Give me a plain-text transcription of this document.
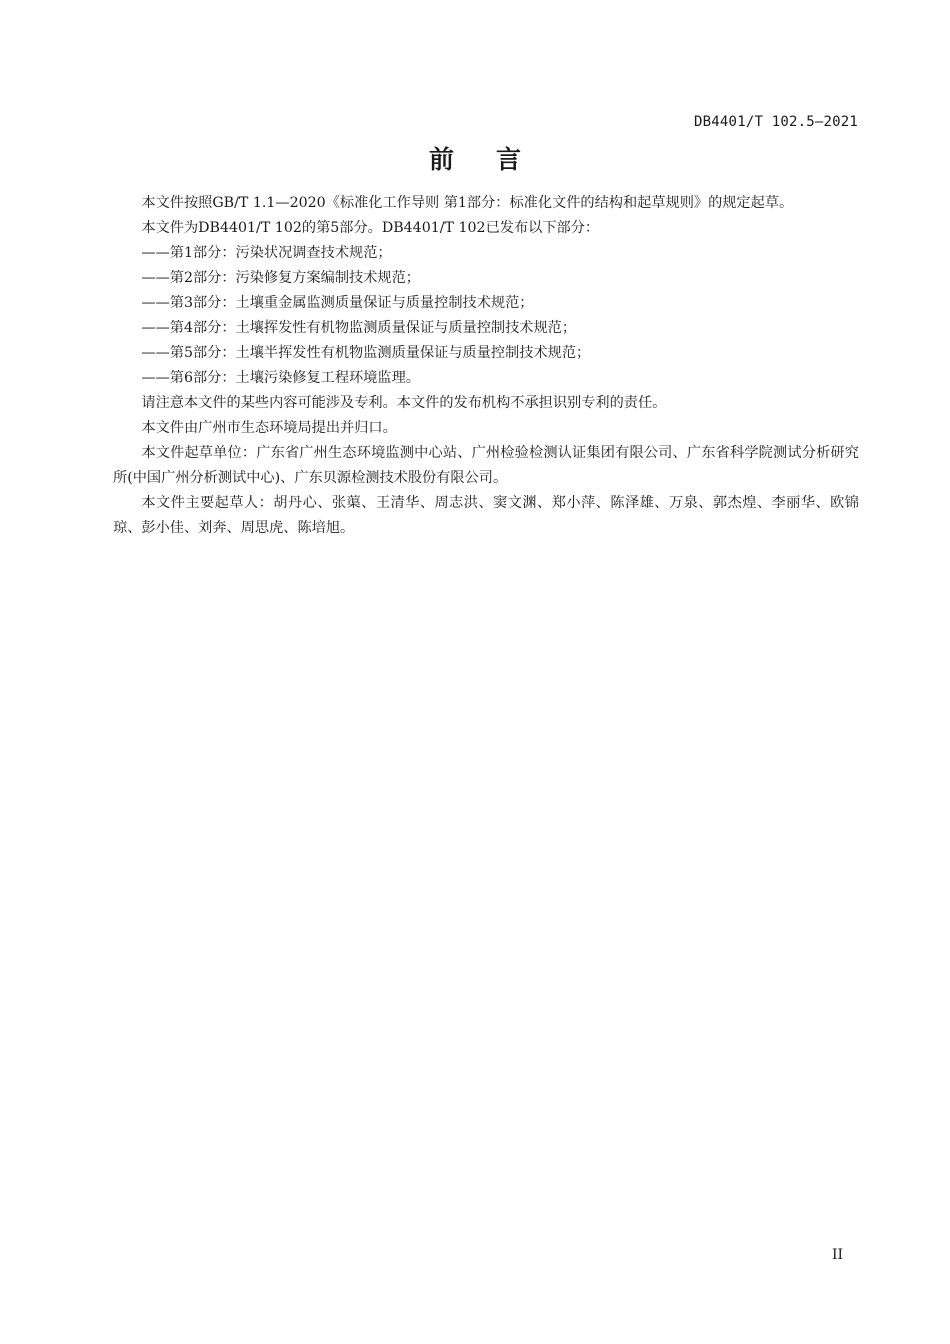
DB4401/T 102.5—2021
前言

本文件按照GB/T 1.1—2020《标准化工作导则 第1部分：标准化文件的结构和起草规则》的规定起草。

本文件为DB4401/T 102的第5部分。DB4401/T 102已发布以下部分：

——第1部分：污染状况调查技术规范；

——第2部分：污染修复方案编制技术规范；

——第3部分：土壤重金属监测质量保证与质量控制技术规范；

——第4部分：土壤挥发性有机物监测质量保证与质量控制技术规范；

——第5部分：土壤半挥发性有机物监测质量保证与质量控制技术规范；

——第6部分：土壤污染修复工程环境监理。

请注意本文件的某些内容可能涉及专利。本文件的发布机构不承担识别专利的责任。

本文件由广州市生态环境局提出并归口。

本文件起草单位：广东省广州生态环境监测中心站、广州检验检测认证集团有限公司、广东省科学院测试分析研究所(中国广州分析测试中心)、广东贝源检测技术股份有限公司。

本文件主要起草人：胡丹心、张蕖、王清华、周志洪、窦文渊、郑小萍、陈泽雄、万泉、郭杰煌、李丽华、欧锦琼、彭小佳、刘奔、周思虎、陈培旭。

II
